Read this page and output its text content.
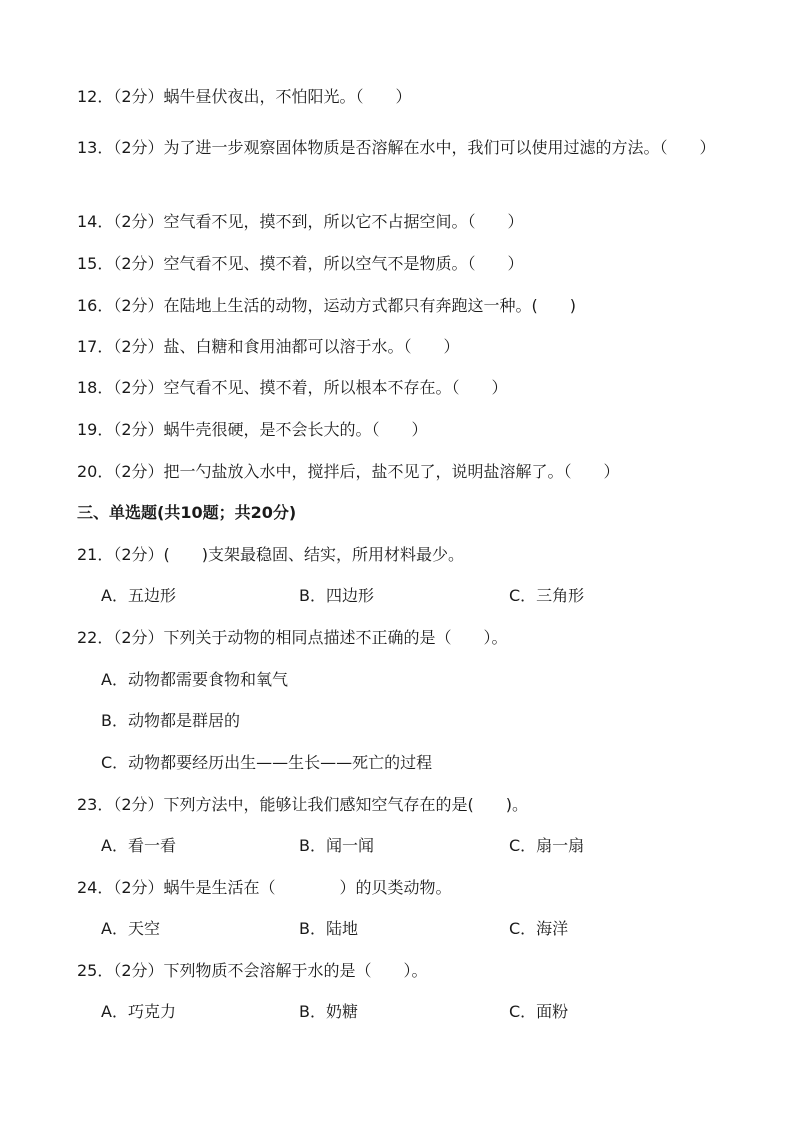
12．（2分）蜗牛昼伏夜出，不怕阳光。（　　）
13．（2分）为了进一步观察固体物质是否溶解在水中，我们可以使用过滤的方法。（　　）
14．（2分）空气看不见，摸不到，所以它不占据空间。（　　）
15．（2分）空气看不见、摸不着，所以空气不是物质。（　　）
16．（2分）在陆地上生活的动物，运动方式都只有奔跑这一种。(　　)
17．（2分）盐、白糖和食用油都可以溶于水。（　　）
18．（2分）空气看不见、摸不着，所以根本不存在。（　　）
19．（2分）蜗牛壳很硬，是不会长大的。（　　）
20．（2分）把一勺盐放入水中，搅拌后，盐不见了，说明盐溶解了。（　　）
三、单选题(共10题；共20分)
21．（2分）(　　)支架最稳固、结实，所用材料最少。
A．五边形	B．四边形	C．三角形
22．（2分）下列关于动物的相同点描述不正确的是（　　）。
A．动物都需要食物和氧气
B．动物都是群居的
C．动物都要经历出生——生长——死亡的过程
23．（2分）下列方法中，能够让我们感知空气存在的是(　　)。
A．看一看	B．闻一闻	C．扇一扇
24．（2分）蜗牛是生活在（　　　　）的贝类动物。
A．天空	B．陆地	C．海洋
25．（2分）下列物质不会溶解于水的是（　　）。
A．巧克力	B．奶糖	C．面粉
